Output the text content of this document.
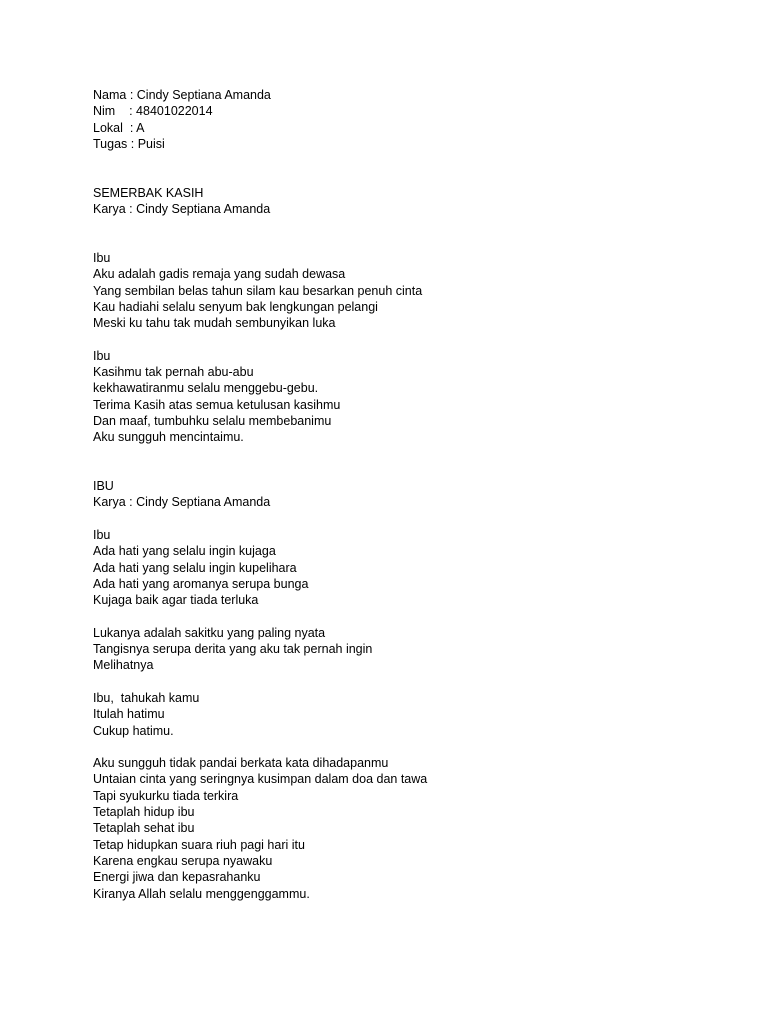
Nama : Cindy Septiana Amanda
Nim    : 48401022014
Lokal  : A
Tugas : Puisi
SEMERBAK KASIH
Karya : Cindy Septiana Amanda
Ibu
Aku adalah gadis remaja yang sudah dewasa
Yang sembilan belas tahun silam kau besarkan penuh cinta
Kau hadiahi selalu senyum bak lengkungan pelangi
Meski ku tahu tak mudah sembunyikan luka
Ibu
Kasihmu tak pernah abu-abu
kekhawatiranmu selalu menggebu-gebu.
Terima Kasih atas semua ketulusan kasihmu
Dan maaf, tumbuhku selalu membebanimu
Aku sungguh mencintaimu.
IBU
Karya : Cindy Septiana Amanda
Ibu
Ada hati yang selalu ingin kujaga
Ada hati yang selalu ingin kupelihara
Ada hati yang aromanya serupa bunga
Kujaga baik agar tiada terluka
Lukanya adalah sakitku yang paling nyata
Tangisnya serupa derita yang aku tak pernah ingin
Melihatnya
Ibu,  tahukah kamu
Itulah hatimu
Cukup hatimu.
Aku sungguh tidak pandai berkata kata dihadapanmu
Untaian cinta yang seringnya kusimpan dalam doa dan tawa
Tapi syukurku tiada terkira
Tetaplah hidup ibu
Tetaplah sehat ibu
Tetap hidupkan suara riuh pagi hari itu
Karena engkau serupa nyawaku
Energi jiwa dan kepasrahanku
Kiranya Allah selalu menggenggammu.
